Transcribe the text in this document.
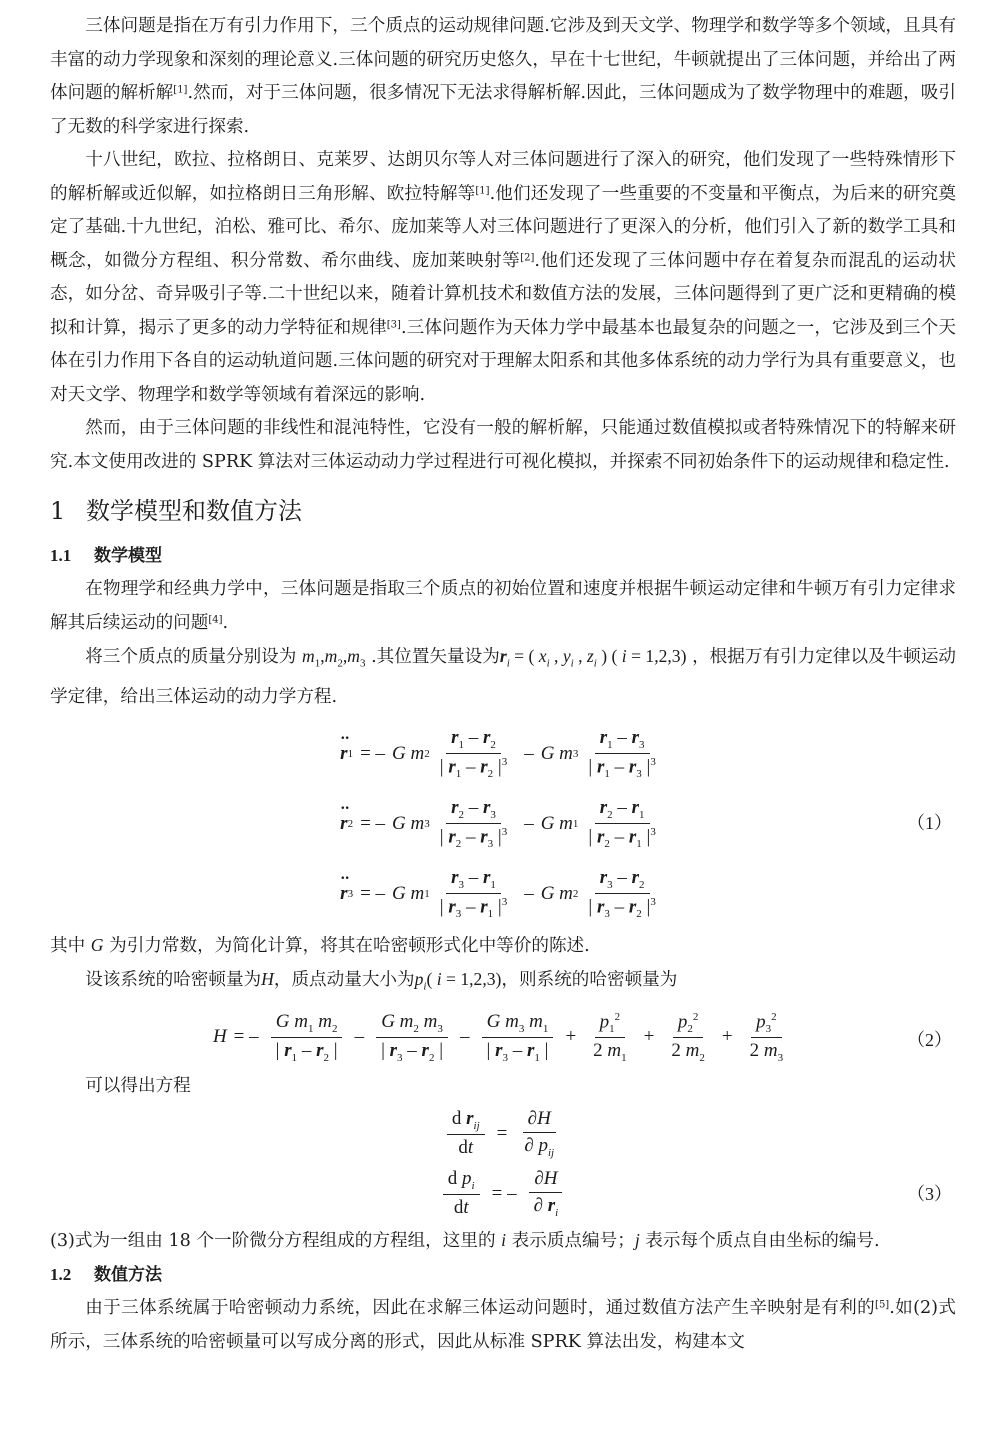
三体问题是指在万有引力作用下，三个质点的运动规律问题.它涉及到天文学、物理学和数学等多个领域，且具有丰富的动力学现象和深刻的理论意义.三体问题的研究历史悠久，早在十七世纪，牛顿就提出了三体问题，并给出了两体问题的解析解[1].然而，对于三体问题，很多情况下无法求得解析解.因此，三体问题成为了数学物理中的难题，吸引了无数的科学家进行探索.

十八世纪，欧拉、拉格朗日、克莱罗、达朗贝尔等人对三体问题进行了深入的研究，他们发现了一些特殊情形下的解析解或近似解，如拉格朗日三角形解、欧拉特解等[1].他们还发现了一些重要的不变量和平衡点，为后来的研究奠定了基础.十九世纪，泊松、雅可比、希尔、庞加莱等人对三体问题进行了更深入的分析，他们引入了新的数学工具和概念，如微分方程组、积分常数、希尔曲线、庞加莱映射等[2].他们还发现了三体问题中存在着复杂而混乱的运动状态，如分岔、奇异吸引子等.二十世纪以来，随着计算机技术和数值方法的发展，三体问题得到了更广泛和更精确的模拟和计算，揭示了更多的动力学特征和规律[3].三体问题作为天体力学中最基本也最复杂的问题之一，它涉及到三个天体在引力作用下各自的运动轨道问题.三体问题的研究对于理解太阳系和其他多体系统的动力学行为具有重要意义，也对天文学、物理学和数学等领域有着深远的影响.

然而，由于三体问题的非线性和混沌特性，它没有一般的解析解，只能通过数值模拟或者特殊情况下的特解来研究.本文使用改进的 SPRK 算法对三体运动动力学过程进行可视化模拟，并探索不同初始条件下的运动规律和稳定性.

1 数学模型和数值方法
1.1 数学模型

在物理学和经典力学中，三体问题是指取三个质点的初始位置和速度并根据牛顿运动定律和牛顿万有引力定律求解其后续运动的问题[4].

将三个质点的质量分别设为 $m_1,m_2,m_3$ .其位置矢量设为$r_i$ = ( $x_i$ , $y_i$ , $z_i$ ) ( i = 1,2,3) ，根据万有引力定律以及牛顿运动学定律，给出三体运动的动力学方程.

·· r 1 = – G
m $2 \frac{r_1 - r_2}{| r_1 - r_2 |^3}$ – G
m $3 \frac{r_1 - r_3}{| r_1 - r_3 |^3}$
·· r 2 = – G
m $3 \frac{r_2 - r_3}{| r_2 - r_3 |^3}$ – G
m $1 \frac{r_2 - r_1}{| r_2 - r_1 |^3}$
·· r 3 = – G
m $1 \frac{r_3 - r_1}{| r_3 - r_1 |^3}$ – G
m $2 \frac{r_3 - r_2}{| r_3 - r_2 |^3}$
（1）

其中 G 为引力常数，为简化计算，将其在哈密顿形式化中等价的陈述.

设该系统的哈密顿量为H，质点动量大小为$p_i$( i = 1,2,3)，则系统的哈密顿量为

H = – $\frac{G m_1 m_2}{| r_1 - r_2 |} - \frac{G m_2 m_3}{| r_3 - r_2 |} - \frac{G m_3 m_1}{| r_3 - r_1 |} + \frac{p_1^2}{2 m_1} + \frac{p_2^2}{2 m_2} + \frac{p_3^2}{2 m_3}$	（2）

可以得出方程

$\frac{d r_{ij}}{dt} = \frac{\partial H}{\partial p_{ij}}$
$\frac{d p_i}{dt}$ = – $\frac{\partial H}{\partial r_i}$	（3）

(3)式为一组由 18 个一阶微分方程组成的方程组，这里的 i 表示质点编号；j 表示每个质点自由坐标的编号.

1.2 数值方法

由于三体系统属于哈密顿动力系统，因此在求解三体运动问题时，通过数值方法产生辛映射是有利的[5].如(2)式所示，三体系统的哈密顿量可以写成分离的形式，因此从标准 SPRK 算法出发，构建本文
